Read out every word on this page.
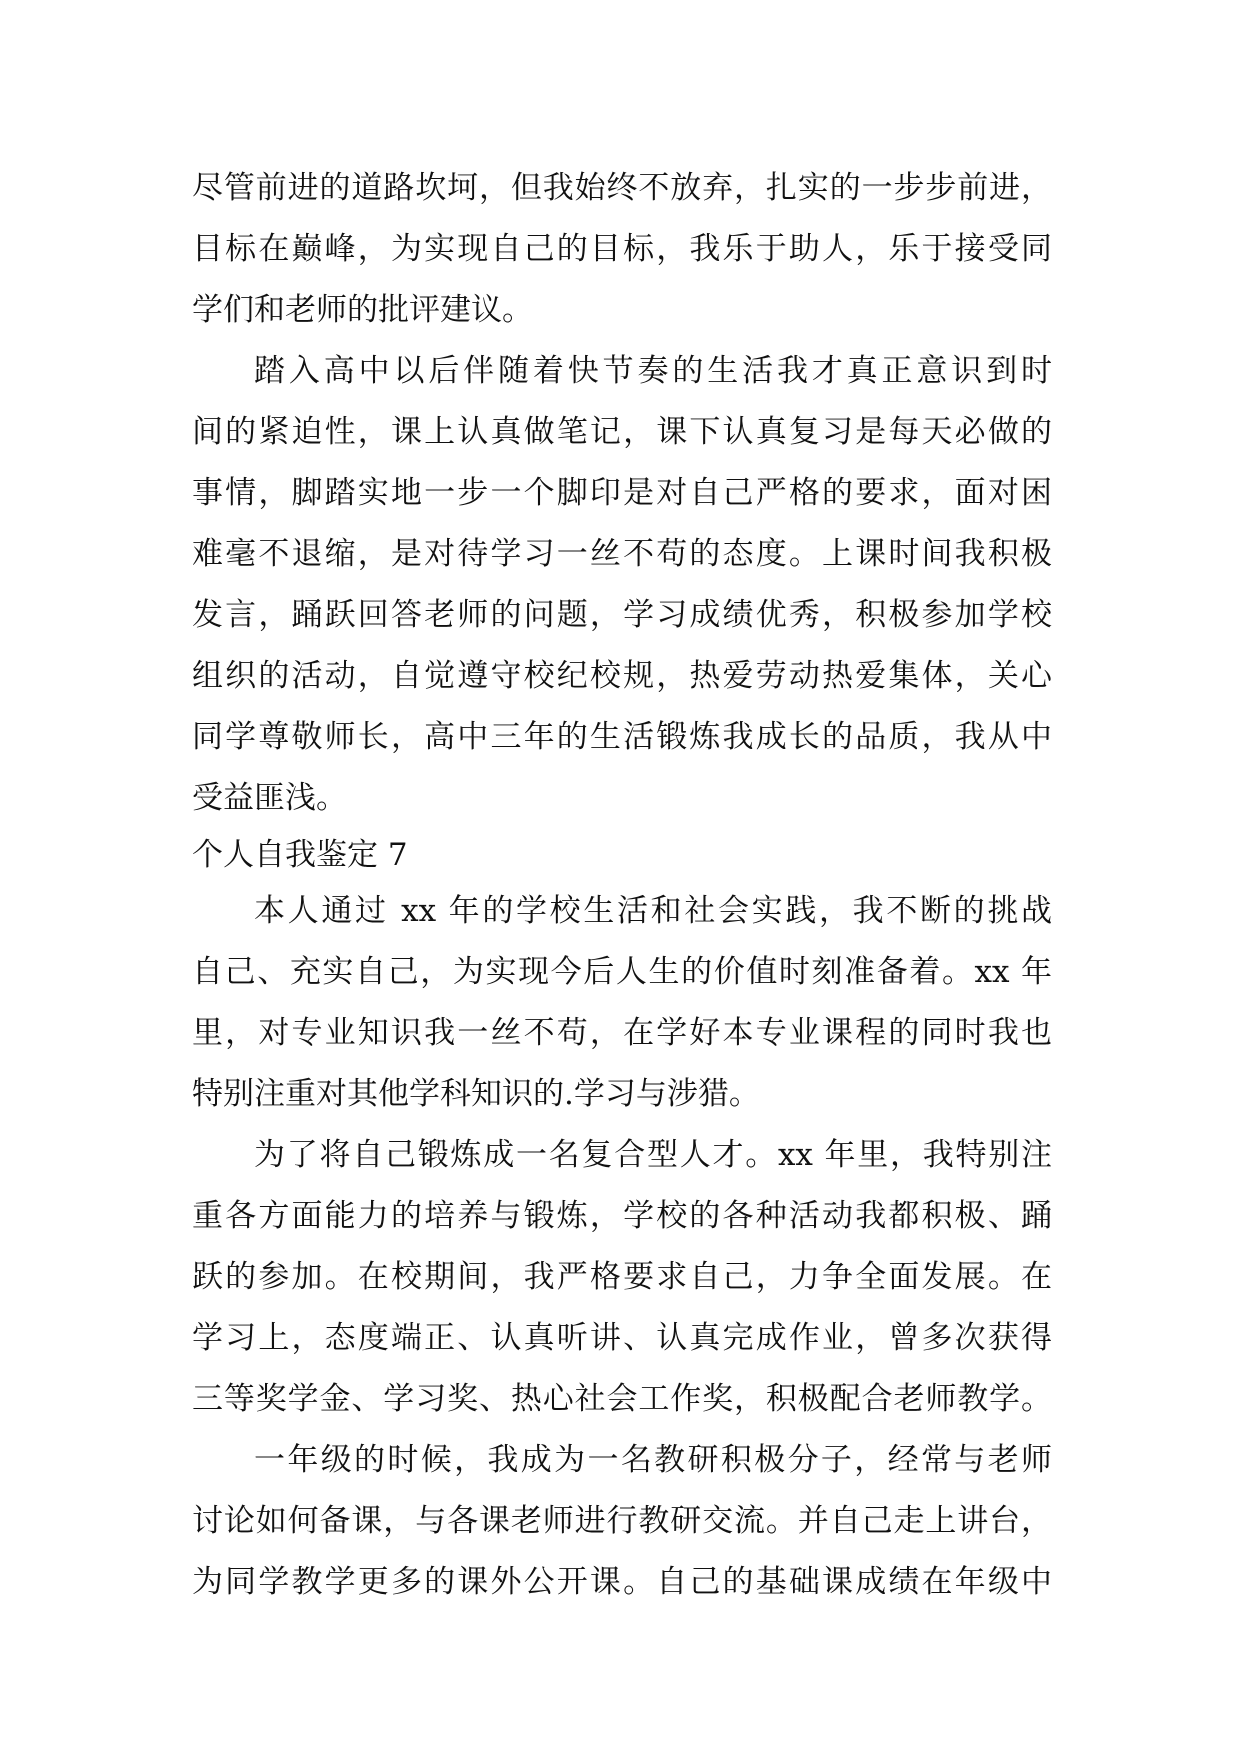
尽管前进的道路坎坷，但我始终不放弃，扎实的一步步前进，
目标在巅峰，为实现自己的目标，我乐于助人，乐于接受同
学们和老师的批评建议。
踏入高中以后伴随着快节奏的生活我才真正意识到时
间的紧迫性，课上认真做笔记，课下认真复习是每天必做的
事情，脚踏实地一步一个脚印是对自己严格的要求，面对困
难毫不退缩，是对待学习一丝不苟的态度。上课时间我积极
发言，踊跃回答老师的问题，学习成绩优秀，积极参加学校
组织的活动，自觉遵守校纪校规，热爱劳动热爱集体，关心
同学尊敬师长，高中三年的生活锻炼我成长的品质，我从中
受益匪浅。
个人自我鉴定 7
本人通过 xx 年的学校生活和社会实践，我不断的挑战
自己、充实自己，为实现今后人生的价值时刻准备着。xx 年
里，对专业知识我一丝不苟，在学好本专业课程的同时我也
特别注重对其他学科知识的.学习与涉猎。
为了将自己锻炼成一名复合型人才。xx 年里，我特别注
重各方面能力的培养与锻炼，学校的各种活动我都积极、踊
跃的参加。在校期间，我严格要求自己，力争全面发展。在
学习上，态度端正、认真听讲、认真完成作业，曾多次获得
三等奖学金、学习奖、热心社会工作奖，积极配合老师教学。
一年级的时候，我成为一名教研积极分子，经常与老师
讨论如何备课，与各课老师进行教研交流。并自己走上讲台，
为同学教学更多的课外公开课。自己的基础课成绩在年级中
